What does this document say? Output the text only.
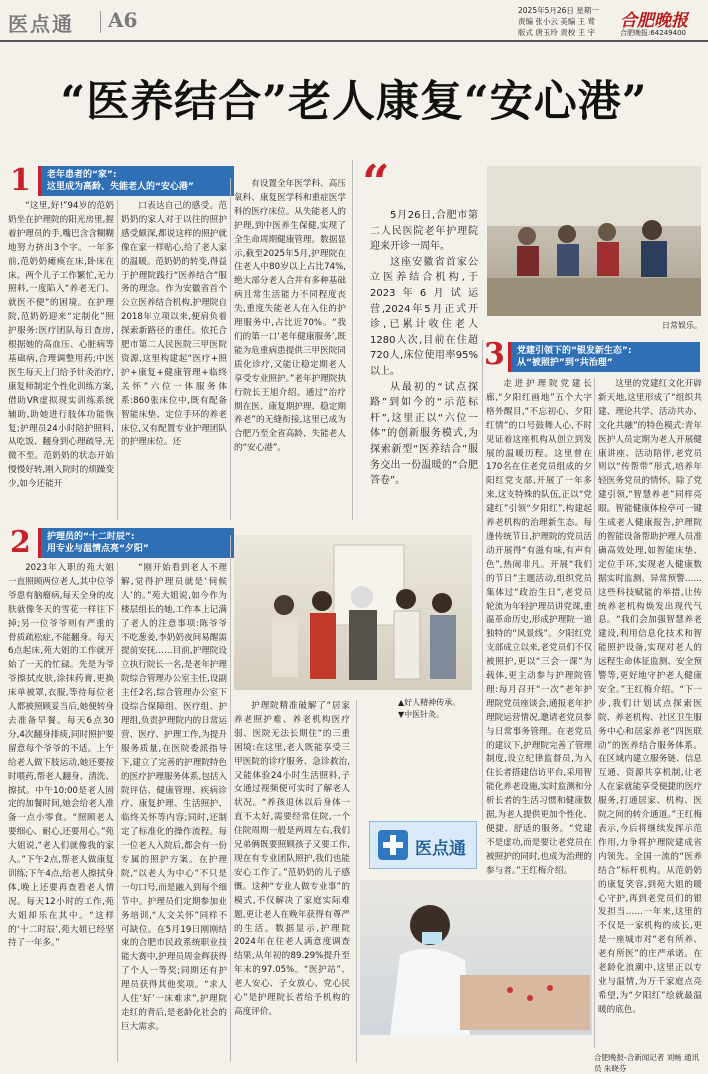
医点通 A6	2025年5月26日 星期一
责编 张小云 美编 王 莺
版式 唐玉玲 责校 王 宇
合肥晚报
合肥晚报:64249400
“医养结合”老人康复“安心港”
1 老年患者的“家”:
这里成为高龄、失能老人的“安心港”

“这里,好!”94岁的范奶奶坐在护理院的阳光房里,握着护理员的手,嘴巴含含糊糊地努力挤出3个字。一年多前,范奶奶瘫痪在床,卧床在床。两个儿子工作繁忙,无力照料,一度陷入“养老无门、就医不便”的困境。在护理院,范奶奶迎来“定制化”照护服务:医疗团队每日查房,根据她的高血压、心脏病等基础病,合理调整用药;中医医生每天上门给予针灸治疗,康复师制定个性化训练方案,借助VR虚拟现实训练系统辅助,助她进行肢体功能恢复;护理员24小时陪护照料,从吃饭、翻身到心理疏导,无微不至。范奶奶的状态开始慢慢好转,刚入院时的烦躁变少,如今还能开

口表达自己的感受。范奶奶的家人对于以往的照护感受颇深,都说这样的照护就像在家一样贴心,给了老人家的温暖。范奶奶的转变,得益于护理院践行“医养结合”服务的理念。作为安徽省首个公立医养结合机构,护理院自2018年立项以来,便肩负着探索新路径的重任。依托合肥市第二人民医院三甲医院资源,这里构建起“医疗+照护+康复+健康管理+临终关怀”六位一体服务体系:860张床位中,既有配备智能床垫、定位手环的养老床位,又有配置专业护理团队的护理床位。还

有设置全年医学科、高压氧科、康复医学科和重症医学科的医疗床位。从失能老人的护理,到中医养生保健,实现了全生命周期健康管理。数据显示,截至2025年5月,护理院在住老人中80岁以上占比74%,绝大部分老人合并有多种基础病且常生活能力不同程度丧失,重度失能老人在入住的护理服务中,占比近70%。“我们的第一口‘老年健康服务’,既能为危重病患提供三甲医院同质化诊疗,又能让稳定期老人享受专业照护。”老年护理院执行院长王旭介绍。通过“治疗期在医、康复期护理、稳定期养老”的无缝衔接,这里已成为合肥乃至全省高龄、失能老人的“安心港”。

“

5月26日,合肥市第二人民医院老年护理院迎来开诊一周年。

这座安徽省首家公立医养结合机构,于2023年6月试运营,2024年5月正式开诊,已累计收住老人1280人次,目前在住超720人,床位使用率95%以上。

从最初的“试点探路”到如今的“示范标杆”,这里正以“六位一体”的创新服务模式,为探索新型“医养结合”服务交出一份温暖的“合肥答卷”。

日常娱乐。
3 党建引领下的“银发新生态”:
从“被照护”到“共治理”

走进护理院党建长廊,“夕阳红画地”五个大字格外醒目,“不忘初心、夕阳红情”的口号鼓舞人心,不时见证着这座机构从创立到发展的温暖历程。这里曾在170名在住老党员组成的夕阳红党支部,开展了一年多来,这支特殊的队伍,正以“党建红”引领“夕阳红”,构建起养老机构的治理新生态。每逢传统节日,护理院的党员活动开展得“有滋有味,有声有色”,热闹非凡。开展“我们的节日”主题活动,组织党员集体过“政治生日”,老党员轮流为年轻护理员讲党课,重温革命历史,形成护理院一道独特的“风景线”。夕阳红党支部成立以来,老党员们不仅被照护,更以“三会一课”为载体,更主动参与护理院管理:每月召开“一次”老年护理院党员座谈会,通报老年护理院运营情况,邀请老党员参与日常事务管理。在老党员的建议下,护理院完善了管理制度,设立纪律监督员,为入住长者搭建信访平台,采用智能化养老设施,实时监测和分析长者的生活习惯和健康数据,为老人提供更加个性化、便捷、舒适的服务。“党建不是虚功,而是要让老党员在被照护的同时,也成为治理的参与者。”王红梅介绍。

这里的党建红文化开辟新天地,这里形成了“组织共建、理论共学、活动共办、文化共融”的特色模式:青年医护人员定期为老人开展健康讲座、活动陪伴,老党员则以“传帮带”形式,培养年轻医务党员的情怀。除了党建引领,“智慧养老”同样亮眼。智能健康体检亭可一键生成老人健康报告,护理院的智能设备帮助护理人员准确高效处理,如智能床垫、定位手环,实现老人健康数据实时监测、异常预警……这些科技赋能的举措,让传统养老机构焕发出现代气息。“我们会加强智慧养老建设,利用信息化技术和智能照护设备,实现对老人的远程生命体征监测、安全预警等,更好地守护老人健康安全。”王红梅介绍。“下一步,我们计划试点探索医院、养老机构、社区卫生服务中心和居家养老“四医联动”的医养结合服务体系。在区域内建立服务链、信息互通、资源共享机制,让老人在家就能享受便捷的医疗服务,打通居家、机构、医院之间的转介通道。”王红梅表示,今后将继续发挥示范作用,力争将护理院建成省内领先、全国一流的“医养结合”标杆机构。从范奶奶的康复笑容,到苑大姐的暖心守护,再到老党员们的银发担当……一年来,这里的不仅是一家机构的成长,更是一座城市对“老有所养、老有所医”的庄严承诺。在老龄化浪潮中,这里正以专业与温情,为万千家庭点亮希望,为“夕阳红”绘就最温暖的底色。

2 护理员的“十二时辰”:
用专业与温情点亮“夕阳”

2023年入职的苑大姐一直照顾两位老人,其中位爷爷患有脑瘤病,每天全身的皮肤就像冬天的雪花一样往下掉;另一位爷爷则有严重的骨质疏松症,不能翻身。每天6点起床,苑大姐的工作就开始了一天的忙碌。先是为爷爷擦拭皮肤,涂抹药膏,更换床单被罩,衣服,等待每位老人都被照顾妥当后,她便转身去准备早餐。每天6点30分,4次翻身排痰,同时照护要留意每个爷爷的不适。上午给老人做下肢运动,她还要按时喂药,帮老人翻身、清洗、擦拭。中午10:00是老人固定的加餐时间,她会给老人准备一点小零食。“照顾老人要细心、耐心,还要用心。”苑大姐说,“老人们就像我的家人。”下午2点,帮老人做康复训练;下午4点,给老人擦拭身体,晚上还要再查看老人情况。每天12小时的工作,苑大姐却乐在其中。“这样的‘十二时辰’,苑大姐已经坚持了一年多。”

“刚开始看到老人不理解,觉得护理员就是‘伺候人’的。”苑大姐说,如今作为楼层组长的她,工作本上记满了老人的注意事项:陈爷爷不吃葱姜,李奶奶夜间易醒需提前安抚……目前,护理院设立执行院长一名,是老年护理院综合管理办公室主任,设副主任2名,综合管理办公室下设综合保障组、医疗组、护理组,负责护理院内的日常运营、医疗、护理工作,为提升服务质量,在医院委派指导下,建立了完善的护理院特色的医疗护理服务体系,包括入院评估、健康管理、疾病诊疗、康复护理、生活照护、临终关怀等内容;同时,还制定了标准化的操作流程。每一位老人入院后,都会有一份专属的照护方案。在护理院,“以老人为中心”不只是一句口号,而是融入到每个细节中。护理员们定期参加业务培训,“人文关怀”同样不可缺位。在5月19日刚刚结束的合肥市民政系统职业技能大赛中,护理员周金辉获得了个人一等奖;同期还有护理员获得其他奖项。“求人人住‘好’一床难求”,护理院走红的背后,是老龄化社会的巨大需求。

护理院精准破解了“居家养老照护难、养老机构医疗弱、医院无法长期住”的三重困境:在这里,老人既能享受三甲医院的诊疗服务、急诊救治,又能体验24小时生活照料,子女通过视频便可实时了解老人状况。“养孩退休以后身体一直不太好,需要经常住院,一个住院周期一般是两周左右,我们兄弟俩既要照顾孩子又要工作,现在有专业团队照护,我们也能安心工作了。”范奶奶的儿子感慨。这种“专业人做专业事”的模式,不仅解决了家庭实际难题,更让老人在晚年获得有尊严的生活。数据显示,护理院2024年在住老人满意度调查结果,从年初的89.29%提升至年末的97.05%。“医护站”、老人安心、子女放心、党心民心”是护理院长者给予机构的高度评价。

▲好人精神传承。
▼中医针灸。
医点通
合肥晚报-合新闻记者 刘畅 通讯员 朱晓芬
